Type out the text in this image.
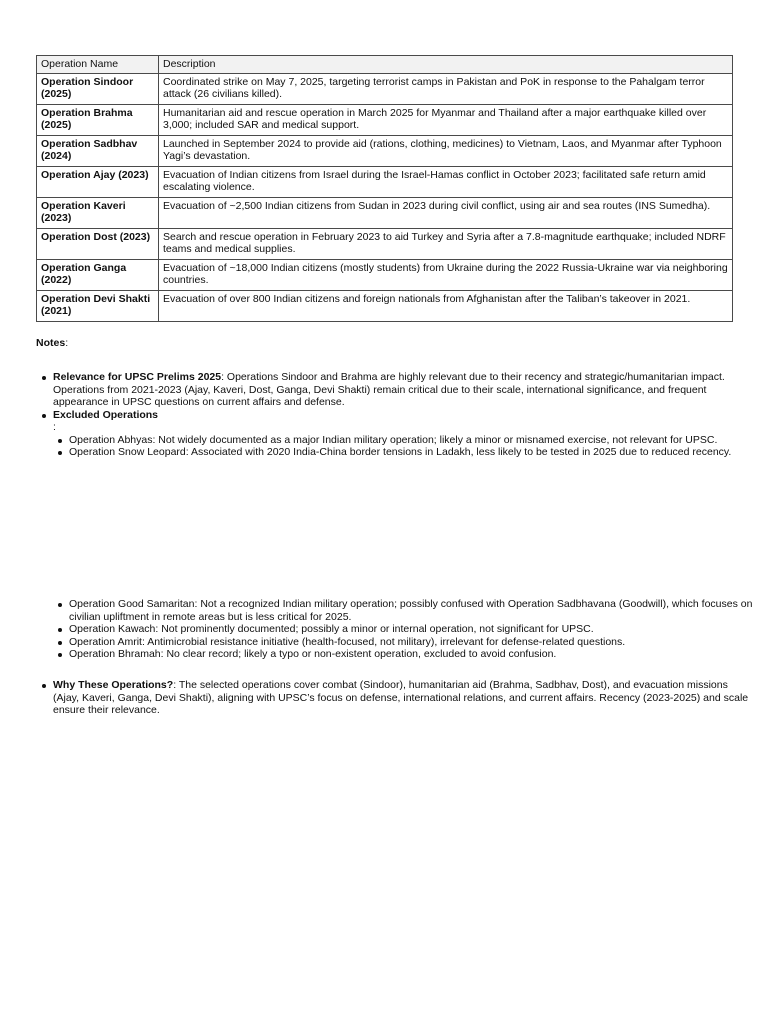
Operation Name	Description
Operation Sindoor (2025)	Coordinated strike on May 7, 2025, targeting terrorist camps in Pakistan and PoK in response to the Pahalgam terror attack (26 civilians killed).
Operation Brahma (2025)	Humanitarian aid and rescue operation in March 2025 for Myanmar and Thailand after a major earthquake killed over 3,000; included SAR and medical support.
Operation Sadbhav (2024)	Launched in September 2024 to provide aid (rations, clothing, medicines) to Vietnam, Laos, and Myanmar after Typhoon Yagi’s devastation.
Operation Ajay (2023)	Evacuation of Indian citizens from Israel during the Israel-Hamas conflict in October 2023; facilitated safe return amid escalating violence.
Operation Kaveri (2023)	Evacuation of ~2,500 Indian citizens from Sudan in 2023 during civil conflict, using air and sea routes (INS Sumedha).
Operation Dost (2023)	Search and rescue operation in February 2023 to aid Turkey and Syria after a 7.8-magnitude earthquake; included NDRF teams and medical supplies.
Operation Ganga (2022)	Evacuation of ~18,000 Indian citizens (mostly students) from Ukraine during the 2022 Russia-Ukraine war via neighboring countries.
Operation Devi Shakti (2021)	Evacuation of over 800 Indian citizens and foreign nationals from Afghanistan after the Taliban’s takeover in 2021.
Notes:
Relevance for UPSC Prelims 2025: Operations Sindoor and Brahma are highly relevant due to their recency and strategic/humanitarian impact. Operations from 2021-2023 (Ajay, Kaveri, Dost, Ganga, Devi Shakti) remain critical due to their scale, international significance, and frequent appearance in UPSC questions on current affairs and defense.
Excluded Operations
:
Operation Abhyas: Not widely documented as a major Indian military operation; likely a minor or misnamed exercise, not relevant for UPSC.
Operation Snow Leopard: Associated with 2020 India-China border tensions in Ladakh, less likely to be tested in 2025 due to reduced recency.
Operation Good Samaritan: Not a recognized Indian military operation; possibly confused with Operation Sadbhavana (Goodwill), which focuses on civilian upliftment in remote areas but is less critical for 2025.
Operation Kawach: Not prominently documented; possibly a minor or internal operation, not significant for UPSC.
Operation Amrit: Antimicrobial resistance initiative (health-focused, not military), irrelevant for defense-related questions.
Operation Bhramah: No clear record; likely a typo or non-existent operation, excluded to avoid confusion.
Why These Operations?: The selected operations cover combat (Sindoor), humanitarian aid (Brahma, Sadbhav, Dost), and evacuation missions (Ajay, Kaveri, Ganga, Devi Shakti), aligning with UPSC’s focus on defense, international relations, and current affairs. Recency (2023-2025) and scale ensure their relevance.
